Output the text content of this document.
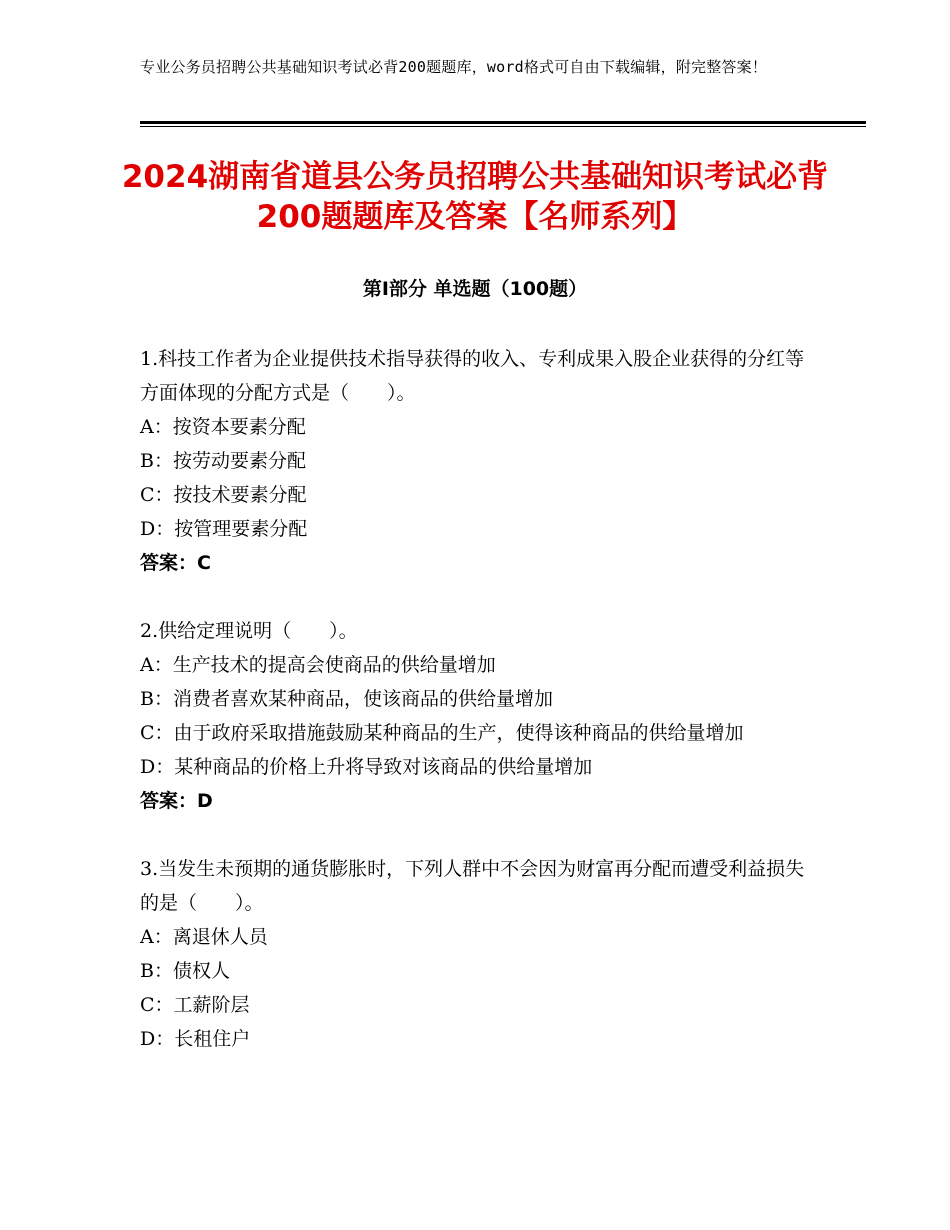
专业公务员招聘公共基础知识考试必背200题题库，word格式可自由下载编辑，附完整答案！
2024湖南省道县公务员招聘公共基础知识考试必背200题题库及答案【名师系列】
第Ⅰ部分 单选题（100题）

1.科技工作者为企业提供技术指导获得的收入、专利成果入股企业获得的分红等方面体现的分配方式是（　　）。

A：按资本要素分配

B：按劳动要素分配

C：按技术要素分配

D：按管理要素分配

答案：C

2.供给定理说明（　　）。

A：生产技术的提高会使商品的供给量增加

B：消费者喜欢某种商品，使该商品的供给量增加

C：由于政府采取措施鼓励某种商品的生产，使得该种商品的供给量增加

D：某种商品的价格上升将导致对该商品的供给量增加

答案：D

3.当发生未预期的通货膨胀时，下列人群中不会因为财富再分配而遭受利益损失的是（　　）。

A：离退休人员

B：债权人

C：工薪阶层

D：长租住户
